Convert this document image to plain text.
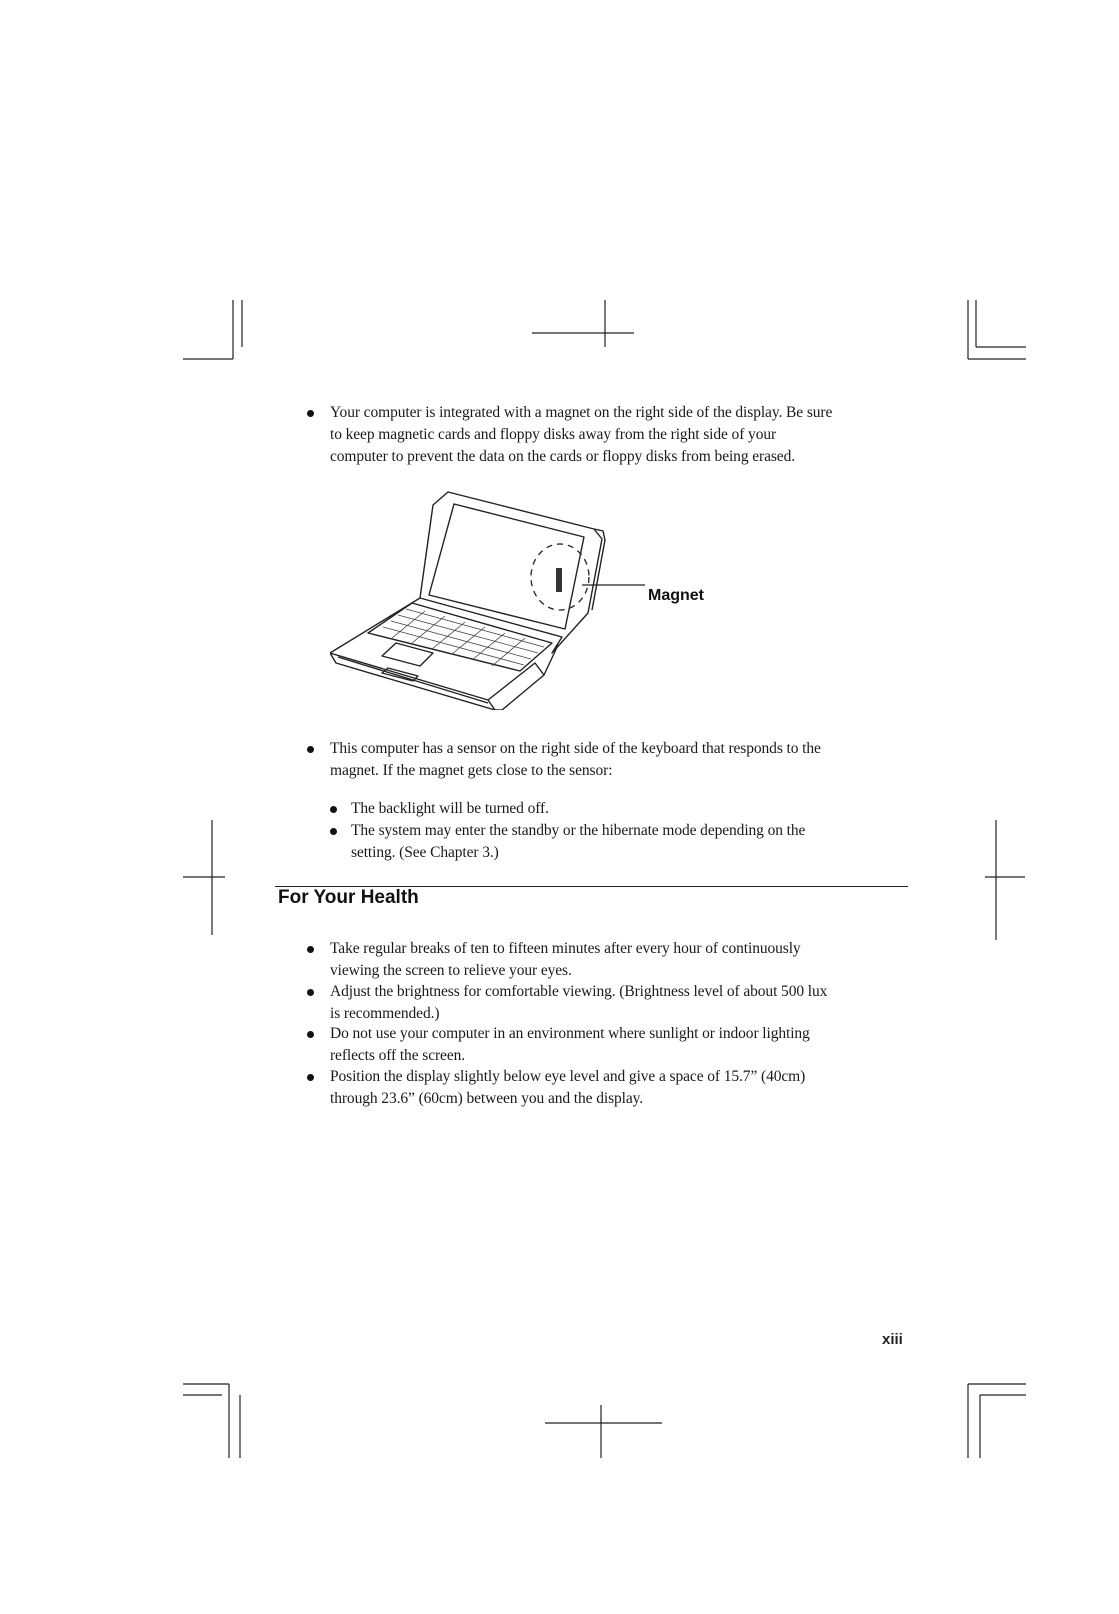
Your computer is integrated with a magnet on the right side of the display. Be sure
to keep magnetic cards and floppy disks away from the right side of your
computer to prevent the data on the cards or floppy disks from being erased.
Magnet
This computer has a sensor on the right side of the keyboard that responds to the
magnet. If the magnet gets close to the sensor:
The backlight will be turned off.
The system may enter the standby or the hibernate mode depending on the
setting. (See Chapter 3.)
For Your Health
Take regular breaks of ten to fifteen minutes after every hour of continuously
viewing the screen to relieve your eyes.
Adjust the brightness for comfortable viewing. (Brightness level of about 500 lux
is recommended.)
Do not use your computer in an environment where sunlight or indoor lighting
reflects off the screen.
Position the display slightly below eye level and give a space of 15.7” (40cm)
through 23.6” (60cm) between you and the display.
xiii
